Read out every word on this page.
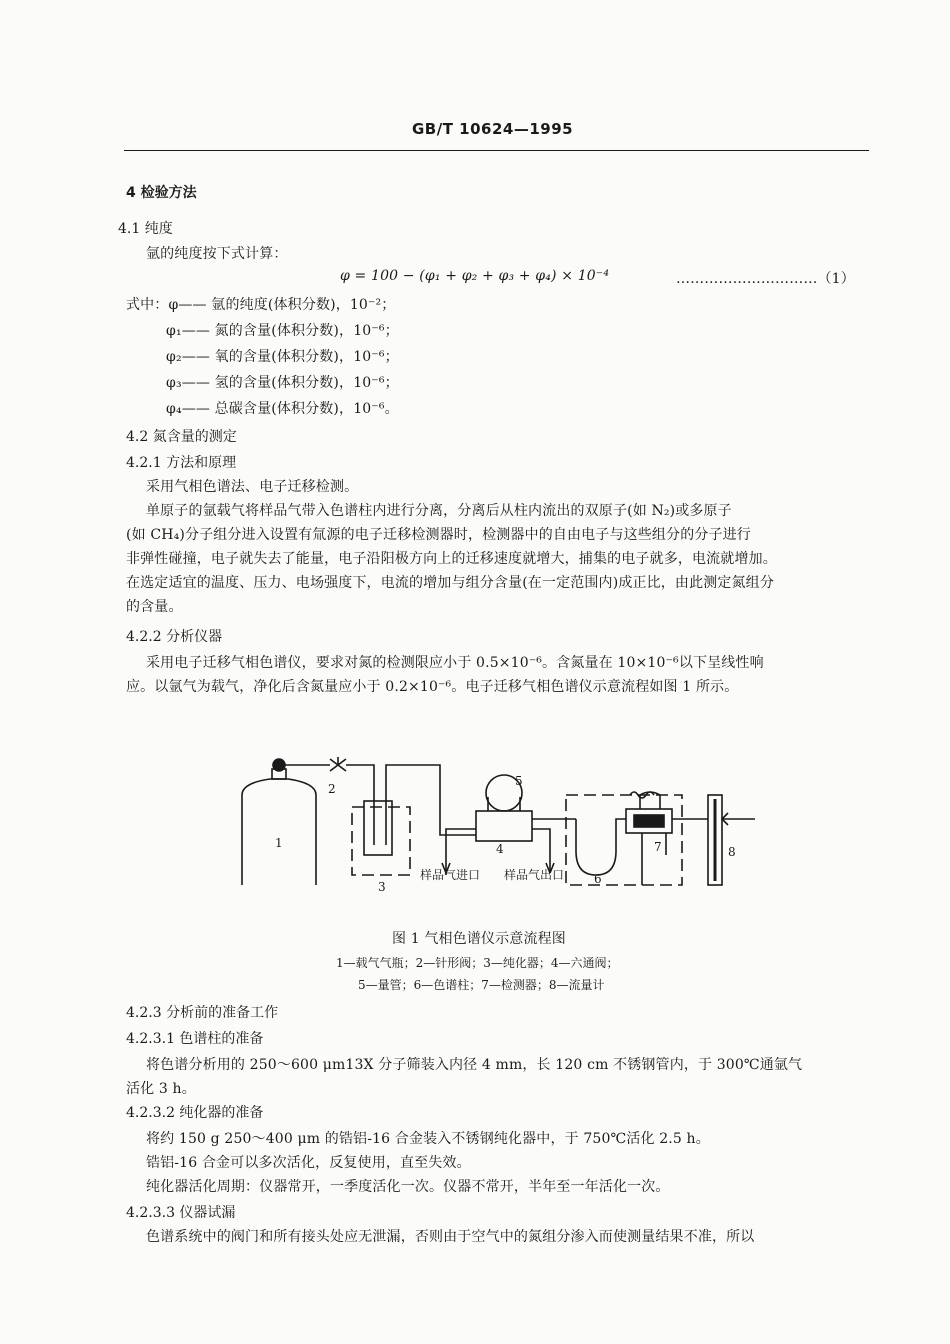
GB/T 10624—1995
4 检验方法
4.1 纯度
氩的纯度按下式计算：
φ = 100 − (φ₁ + φ₂ + φ₃ + φ₄) × 10⁻⁴	…………………………（1）
式中：φ—— 氩的纯度(体积分数)，10⁻²；
φ₁—— 氮的含量(体积分数)，10⁻⁶；
φ₂—— 氧的含量(体积分数)，10⁻⁶；
φ₃—— 氢的含量(体积分数)，10⁻⁶；
φ₄—— 总碳含量(体积分数)，10⁻⁶。
4.2 氮含量的测定
4.2.1 方法和原理
采用气相色谱法、电子迁移检测。
单原子的氩载气将样品气带入色谱柱内进行分离，分离后从柱内流出的双原子(如 N₂)或多原子
(如 CH₄)分子组分进入设置有氚源的电子迁移检测器时，检测器中的自由电子与这些组分的分子进行
非弹性碰撞，电子就失去了能量，电子沿阳极方向上的迁移速度就增大，捕集的电子就多，电流就增加。
在选定适宜的温度、压力、电场强度下，电流的增加与组分含量(在一定范围内)成正比，由此测定氮组分
的含量。
4.2.2 分析仪器
采用电子迁移气相色谱仪，要求对氮的检测限应小于 0.5×10⁻⁶。含氮量在 10×10⁻⁶以下呈线性响
应。以氩气为载气，净化后含氮量应小于 0.2×10⁻⁶。电子迁移气相色谱仪示意流程如图 1 所示。
1
2
3
4
5
6
7	8
样品气进口 样品气出口
图 1 气相色谱仪示意流程图
1—载气气瓶；2—针形阀；3—纯化器；4—六通阀；
5—量管；6—色谱柱；7—检测器；8—流量计
4.2.3 分析前的准备工作
4.2.3.1 色谱柱的准备
将色谱分析用的 250～600 μm13X 分子筛装入内径 4 mm，长 120 cm 不锈钢管内，于 300℃通氩气
活化 3 h。
4.2.3.2 纯化器的准备
将约 150 g 250～400 μm 的锆铝-16 合金装入不锈钢纯化器中，于 750℃活化 2.5 h。
锆铝-16 合金可以多次活化，反复使用，直至失效。
纯化器活化周期：仪器常开，一季度活化一次。仪器不常开，半年至一年活化一次。
4.2.3.3 仪器试漏
色谱系统中的阀门和所有接头处应无泄漏，否则由于空气中的氮组分渗入而使测量结果不准，所以
